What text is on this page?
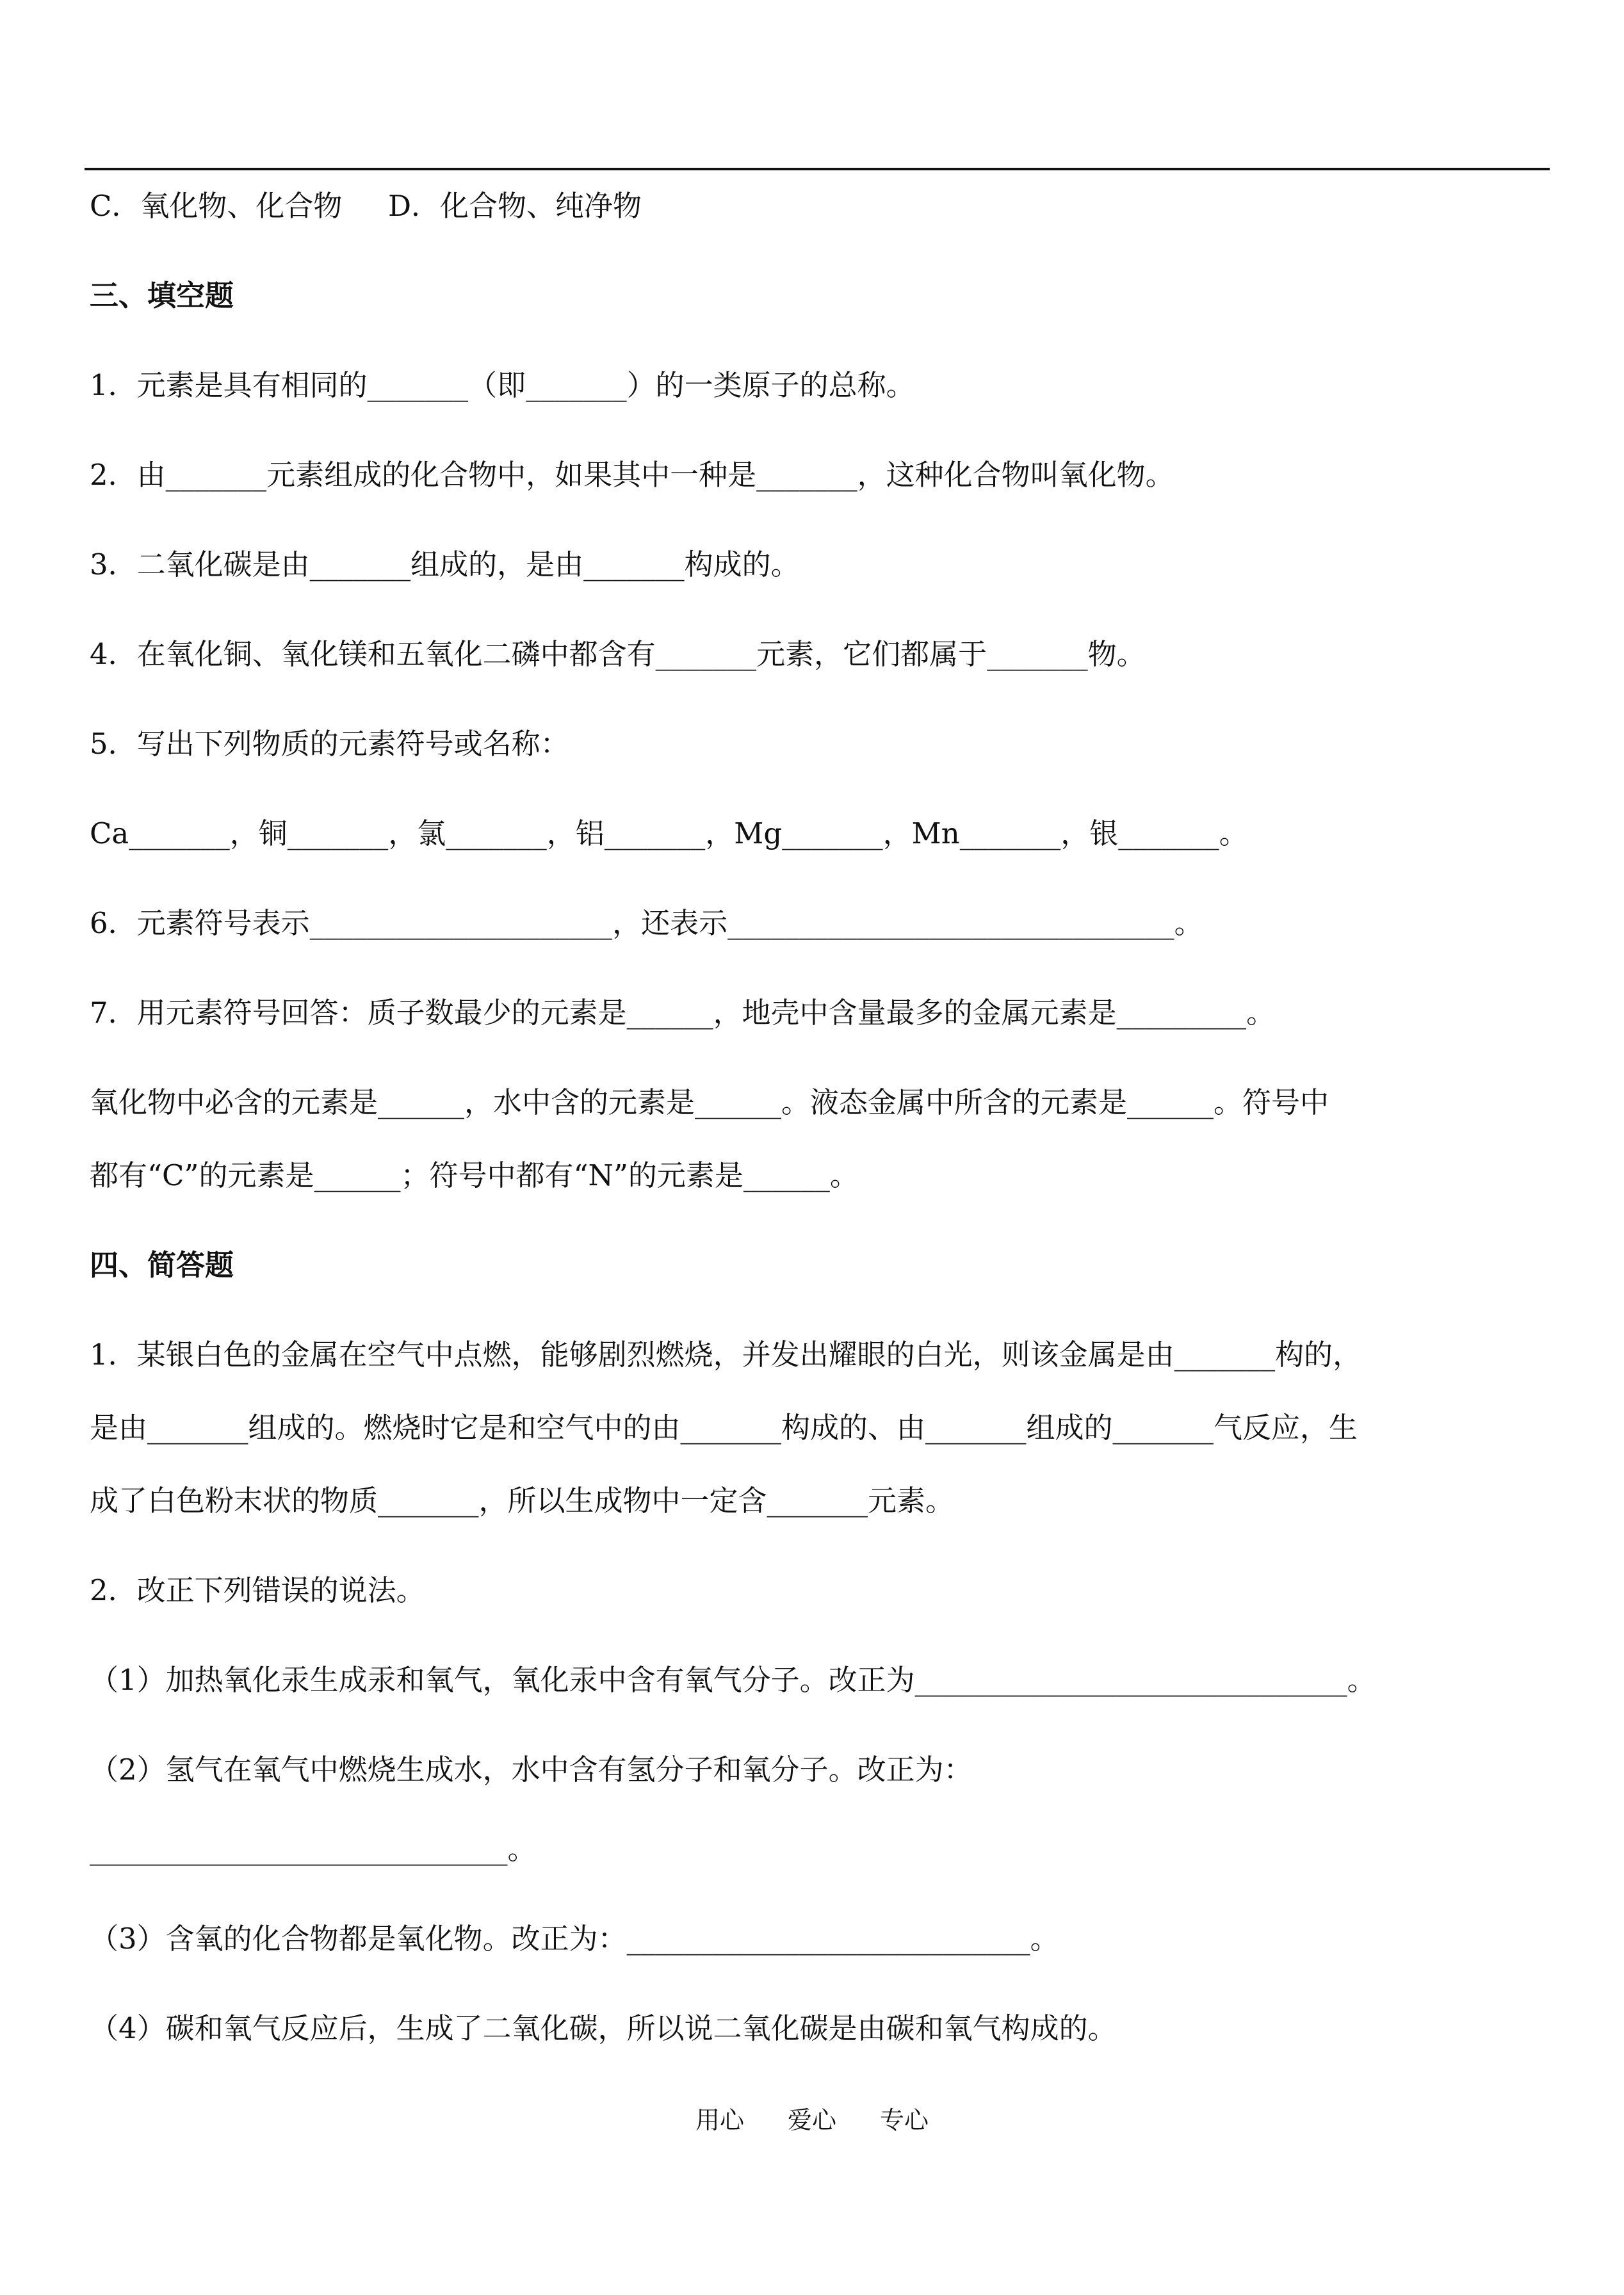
C．氧化物、化合物     D．化合物、纯净物
三、填空题
1．元素是具有相同的_______（即_______）的一类原子的总称。
2．由_______元素组成的化合物中，如果其中一种是_______，这种化合物叫氧化物。
3．二氧化碳是由_______组成的，是由_______构成的。
4．在氧化铜、氧化镁和五氧化二磷中都含有_______元素，它们都属于_______物。
5．写出下列物质的元素符号或名称：
Ca_______，铜_______，氯_______，铝_______，Mg_______，Mn_______，银_______。
6．元素符号表示_____________________，还表示_______________________________。
7．用元素符号回答：质子数最少的元素是______，地壳中含量最多的金属元素是_________。
氧化物中必含的元素是______，水中含的元素是______。液态金属中所含的元素是______。符号中
都有“C”的元素是______；符号中都有“N”的元素是______。
四、简答题
1．某银白色的金属在空气中点燃，能够剧烈燃烧，并发出耀眼的白光，则该金属是由_______构的，
是由_______组成的。燃烧时它是和空气中的由_______构成的、由_______组成的_______气反应，生
成了白色粉末状的物质_______，所以生成物中一定含_______元素。
2．改正下列错误的说法。
（1）加热氧化汞生成汞和氧气，氧化汞中含有氧气分子。改正为______________________________。
（2）氢气在氧气中燃烧生成水，水中含有氢分子和氧分子。改正为：
_____________________________。
（3）含氧的化合物都是氧化物。改正为：____________________________。
（4）碳和氧气反应后，生成了二氧化碳，所以说二氧化碳是由碳和氧气构成的。
用心 爱心 专心
